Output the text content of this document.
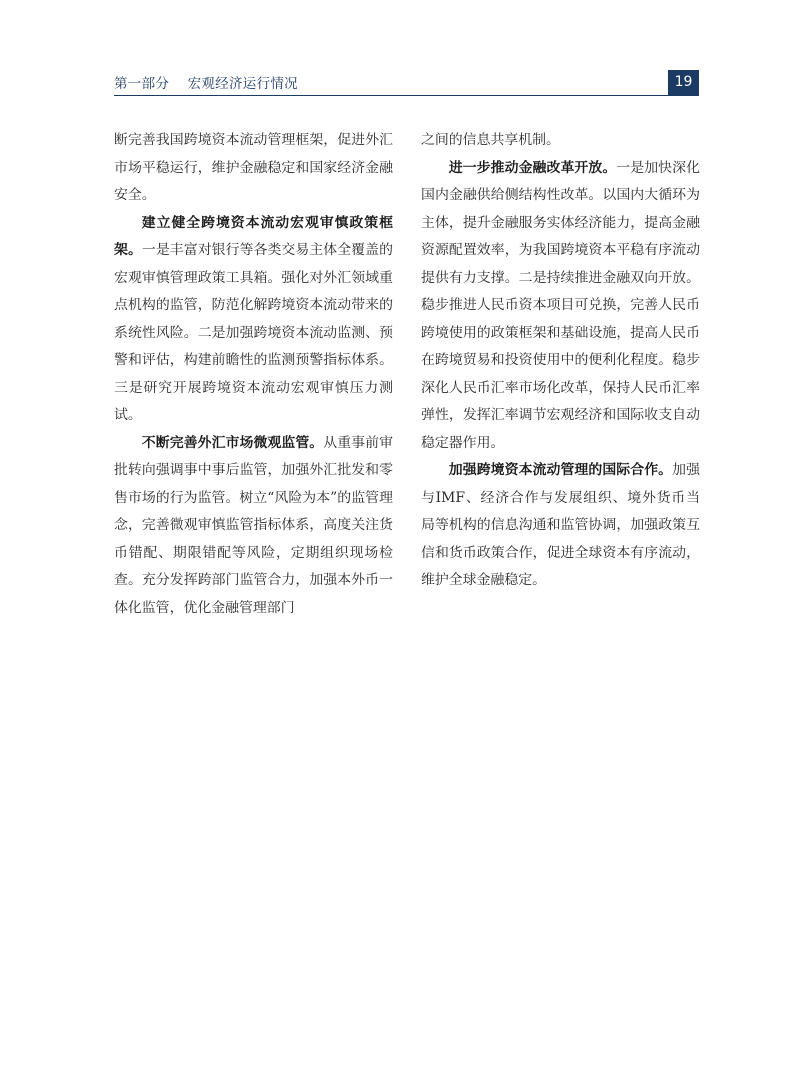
第一部分    宏观经济运行情况	19

断完善我国跨境资本流动管理框架，促进外汇市场平稳运行，维护金融稳定和国家经济金融安全。

建立健全跨境资本流动宏观审慎政策框架。一是丰富对银行等各类交易主体全覆盖的宏观审慎管理政策工具箱。强化对外汇领域重点机构的监管，防范化解跨境资本流动带来的系统性风险。二是加强跨境资本流动监测、预警和评估，构建前瞻性的监测预警指标体系。三是研究开展跨境资本流动宏观审慎压力测试。

不断完善外汇市场微观监管。从重事前审批转向强调事中事后监管，加强外汇批发和零售市场的行为监管。树立“风险为本”的监管理念，完善微观审慎监管指标体系，高度关注货币错配、期限错配等风险，定期组织现场检查。充分发挥跨部门监管合力，加强本外币一体化监管，优化金融管理部门

之间的信息共享机制。

进一步推动金融改革开放。一是加快深化国内金融供给侧结构性改革。以国内大循环为主体，提升金融服务实体经济能力，提高金融资源配置效率，为我国跨境资本平稳有序流动提供有力支撑。二是持续推进金融双向开放。稳步推进人民币资本项目可兑换，完善人民币跨境使用的政策框架和基础设施，提高人民币在跨境贸易和投资使用中的便利化程度。稳步深化人民币汇率市场化改革，保持人民币汇率弹性，发挥汇率调节宏观经济和国际收支自动稳定器作用。

加强跨境资本流动管理的国际合作。加强与IMF、经济合作与发展组织、境外货币当局等机构的信息沟通和监管协调，加强政策互信和货币政策合作，促进全球资本有序流动，维护全球金融稳定。
